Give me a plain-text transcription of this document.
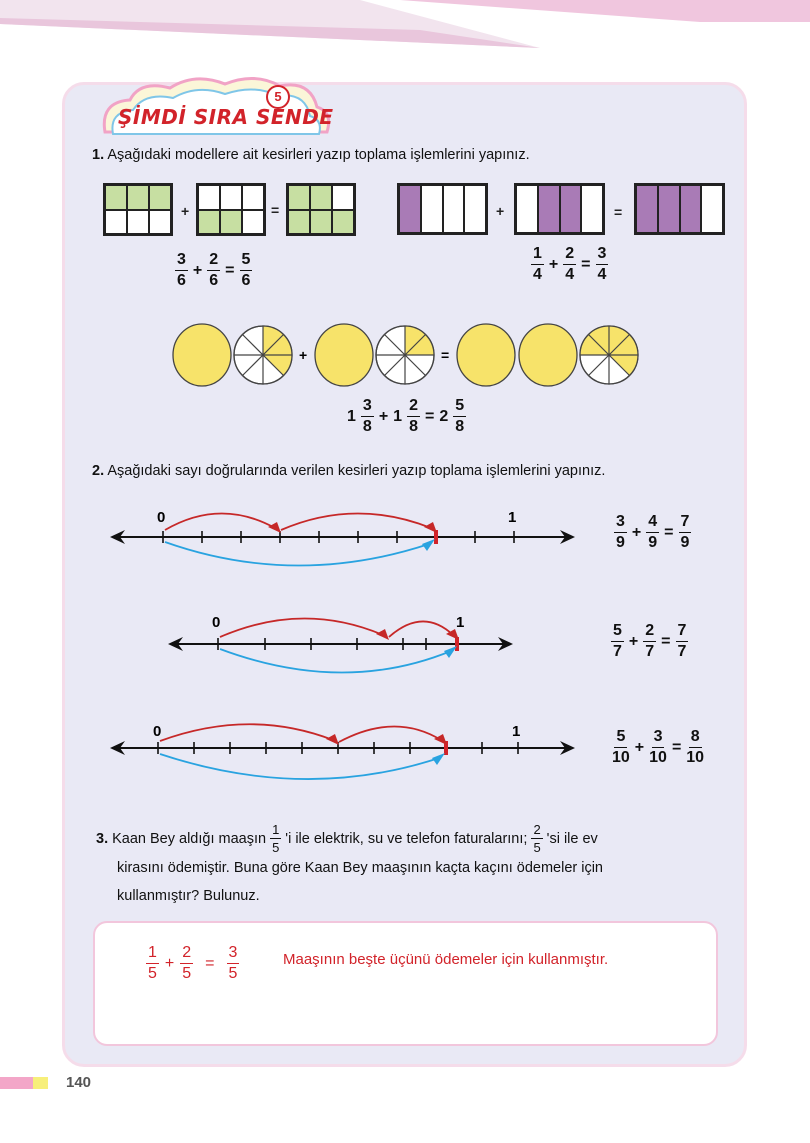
5
ŞİMDİ SIRA SENDE
1. Aşağıdaki modellere ait kesirleri yazıp toplama işlemlerini yapınız.
+	=
$\frac{3}{6} + \frac{2}{6} = \frac{5}{6}$
+	=
$\frac{1}{4} + \frac{2}{4} = \frac{3}{4}$
+	=
$1 \frac{3}{8} + 1 \frac{2}{8} = 2 \frac{5}{8}$
2. Aşağıdaki sayı doğrularında verilen kesirleri yazıp toplama işlemlerini yapınız.
0	1	$\frac{3}{9} + \frac{4}{9} = \frac{7}{9}$
0	1
$\frac{5}{7} + \frac{2}{7} = \frac{7}{7}$
0	1	$\frac{5}{10} + \frac{3}{10} = \frac{8}{10}$
3. Kaan Bey aldığı maaşın $\frac{1}{5}$ 'i ile elektrik, su ve telefon faturalarını; $\frac{2}{5}$ 'si ile ev
kirasını ödemiştir. Buna göre Kaan Bey maaşının kaçta kaçını ödemeler için
kullanmıştır? Bulunuz.
$\frac{1}{5} + \frac{2}{5} = \frac{3}{5}$	Maaşının beşte üçünü ödemeler için kullanmıştır.
140
